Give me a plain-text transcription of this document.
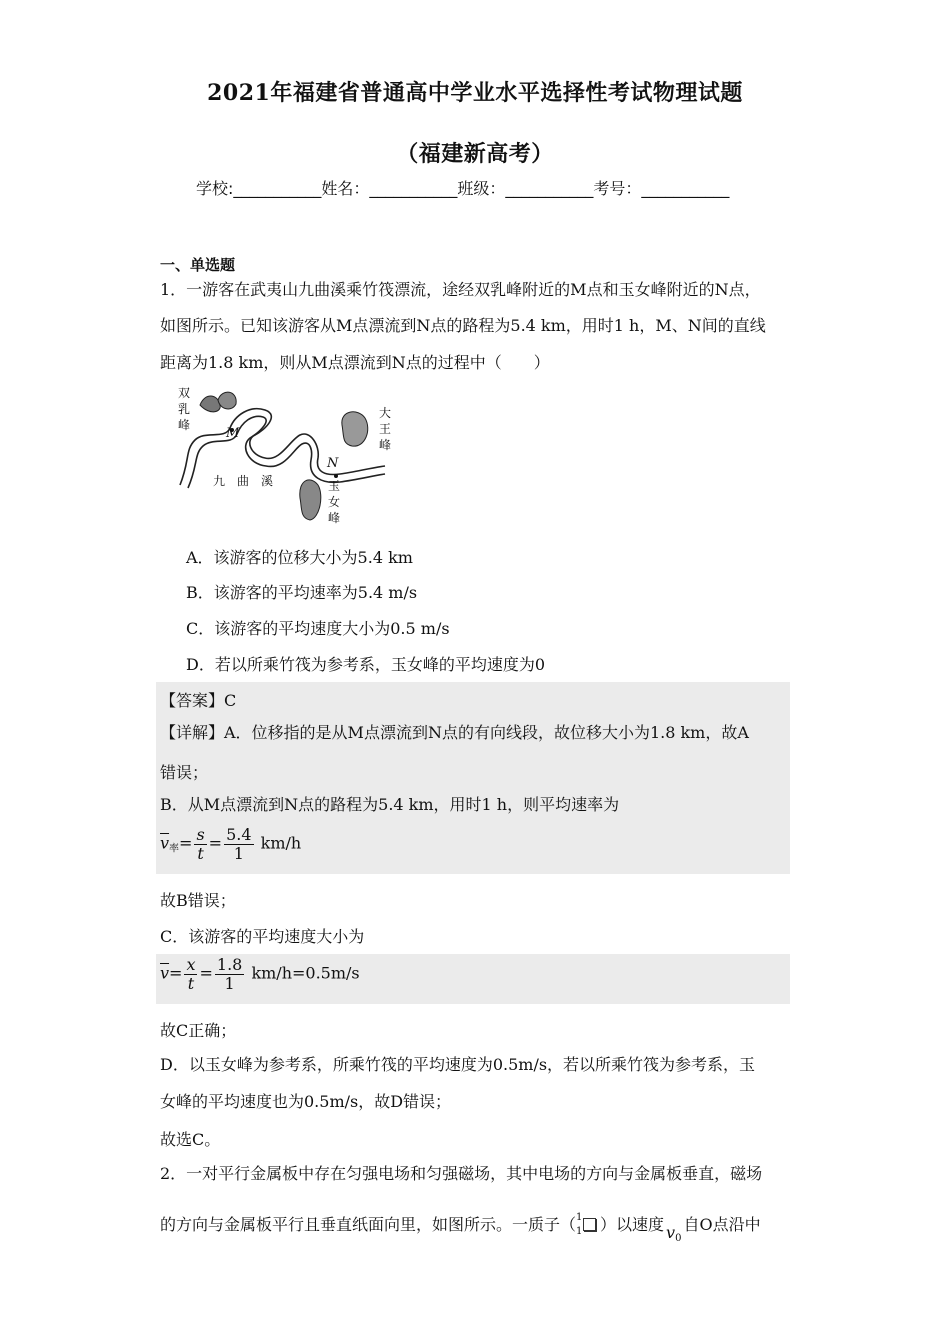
2021年福建省普通高中学业水平选择性考试物理试题
（福建新高考）
学校:___________姓名：___________班级：___________考号：___________
一、单选题
1．一游客在武夷山九曲溪乘竹筏漂流，途经双乳峰附近的M点和玉女峰附近的N点，
如图所示。已知该游客从M点漂流到N点的路程为5.4 km，用时1 h，M、N间的直线
距离为1.8 km，则从M点漂流到N点的过程中（　　）
双乳峰
大王峰
玉女峰
九　曲　溪
M
N
A．该游客的位移大小为5.4 km
B．该游客的平均速率为5.4 m/s
C．该游客的平均速度大小为0.5 m/s
D．若以所乘竹筏为参考系，玉女峰的平均速度为0
【答案】C
【详解】A．位移指的是从M点漂流到N点的有向线段，故位移大小为1.8 km，故A
错误；
B．从M点漂流到N点的路程为5.4 km，用时1 h，则平均速率为
$\overline{v}_率= \frac{s}{t} = \frac{5.4}{1} km/h$
故B错误；
C．该游客的平均速度大小为
$\overline{v}= \frac{x}{t} = \frac{1.8}{1} km/h=0.5m/s$
故C正确；
D．以玉女峰为参考系，所乘竹筏的平均速度为0.5m/s，若以所乘竹筏为参考系，玉
女峰的平均速度也为0.5m/s，故D错误；
故选C。
2．一对平行金属板中存在匀强电场和匀强磁场，其中电场的方向与金属板垂直，磁场
的方向与金属板平行且垂直纸面向里，如图所示。一质子（ 1
1 ）以速度 $v_0$自O点沿中
